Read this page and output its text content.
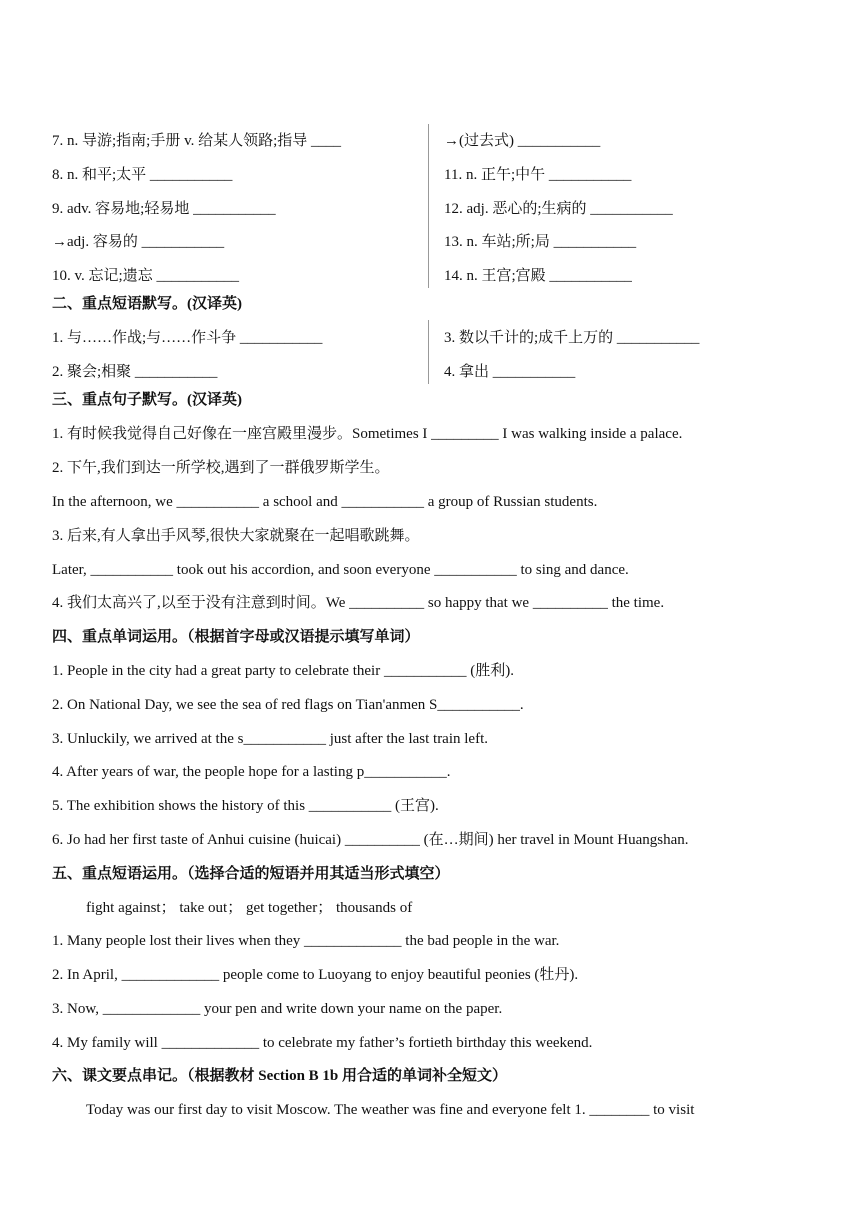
7. n. 导游;指南;手册 v. 给某人领路;指导 ____
8. n. 和平;太平 ___________
9. adv. 容易地;轻易地 ___________
→adj. 容易的 ___________
10. v. 忘记;遗忘 ___________
→(过去式) ___________
11. n. 正午;中午 ___________
12. adj. 恶心的;生病的 ___________
13. n. 车站;所;局 ___________
14. n. 王宫;宫殿 ___________
二、重点短语默写。(汉译英)
1. 与……作战;与……作斗争 ___________
2. 聚会;相聚 ___________
3. 数以千计的;成千上万的 ___________
4. 拿出 ___________
三、重点句子默写。(汉译英)
1. 有时候我觉得自己好像在一座宫殿里漫步。Sometimes I _________ I was walking inside a palace.
2. 下午,我们到达一所学校,遇到了一群俄罗斯学生。
In the afternoon, we ___________ a school and ___________ a group of Russian students.
3. 后来,有人拿出手风琴,很快大家就聚在一起唱歌跳舞。
Later, ___________ took out his accordion, and soon everyone ___________ to sing and dance.
4. 我们太高兴了,以至于没有注意到时间。We __________ so happy that we __________ the time.
四、重点单词运用。（根据首字母或汉语提示填写单词）
1. People in the city had a great party to celebrate their ___________ (胜利).
2. On National Day, we see the sea of red flags on Tian'anmen S___________.
3. Unluckily, we arrived at the s___________ just after the last train left.
4. After years of war, the people hope for a lasting p___________.
5. The exhibition shows the history of this ___________ (王宫).
6. Jo had her first taste of Anhui cuisine (huicai) __________ (在…期间) her travel in Mount Huangshan.
五、重点短语运用。（选择合适的短语并用其适当形式填空）
fight against； take out； get together； thousands of
1. Many people lost their lives when they _____________ the bad people in the war.
2. In April, _____________ people come to Luoyang to enjoy beautiful peonies (牡丹).
3. Now, _____________ your pen and write down your name on the paper.
4. My family will _____________ to celebrate my father’s fortieth birthday this weekend.
六、课文要点串记。（根据教材 Section B 1b 用合适的单词补全短文）
Today was our first day to visit Moscow. The weather was fine and everyone felt 1. ________ to visit
